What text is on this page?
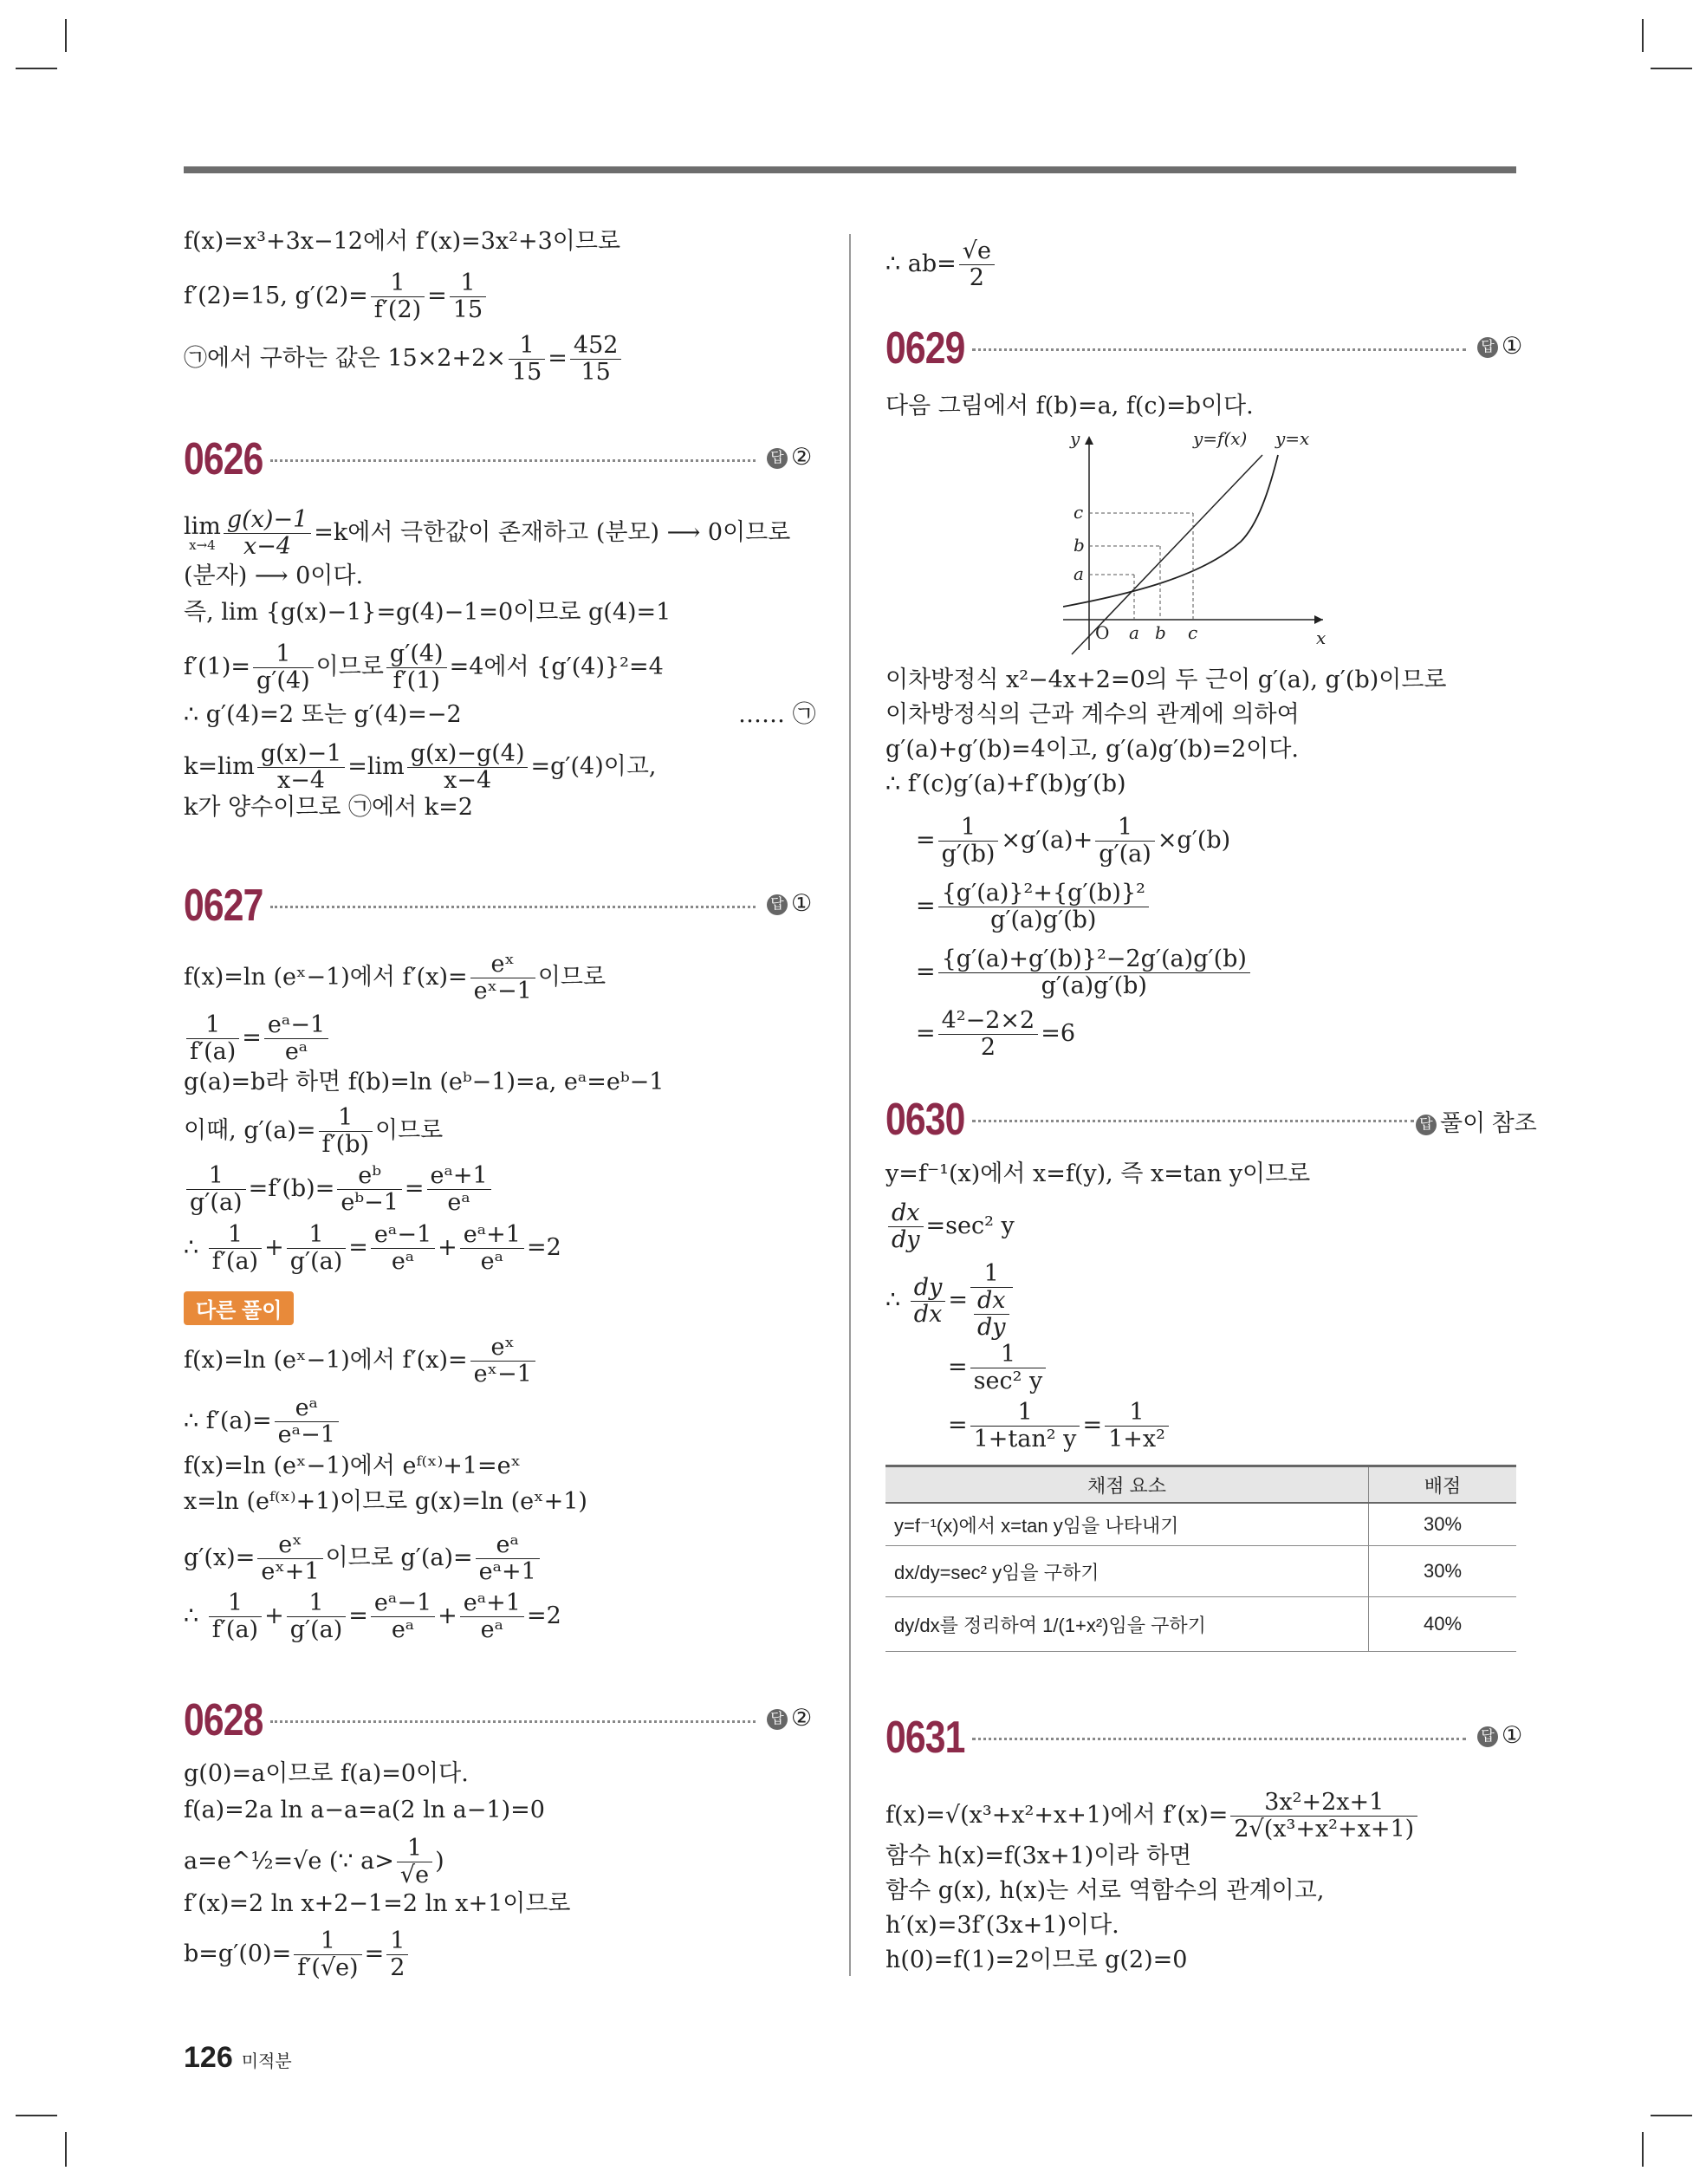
f(x)=x³+3x−12에서 f′(x)=3x²+3이므로
f′(2)=15, $g'(2)= \frac{1}{f'(2)} = \frac{1}{15}$
㉠에서 구하는 값은 $15\times 2+2\times \frac{1}{15} = \frac{452}{15}$
0626	답 ②
lim
$x\to 4 \frac{g(x)-1}{x-4} =k$에서 극한값이 존재하고 (분모) ⟶ 0이므로
(분자) ⟶ 0이다.
즉, lim {g(x)−1}=g(4)−1=0이므로 g(4)=1
$f'(1)= \frac{1}{g'(4)}$ 이므로 $\frac{g'(4)}{f'(1)} =4$에서 {g′(4)}²=4
∴ g′(4)=2 또는 g′(4)=−2	…… ㉠
$k=\lim \frac{g(x)-1}{x-4} =\lim \frac{g(x)-g(4)}{x-4} =g'(4)$이고,
k가 양수이므로 ㉠에서 k=2
0627	답 ①
f(x)=ln (eˣ−1)에서 $f'(x)= \frac{\text{eˣ}}{\text{eˣ−1}}$ 이므로
$\frac{1}{f'(a)} = \frac{\text{eᵃ−1}}{\text{eᵃ}}$
g(a)=b라 하면 f(b)=ln (eᵇ−1)=a, eᵃ=eᵇ−1
이때, $g'(a)= \frac{1}{f'(b)}$ 이므로
$\frac{1}{g'(a)} =f'(b)= \frac{\text{eᵇ}}{\text{eᵇ−1}} = \frac{\text{eᵃ+1}}{\text{eᵃ}}$
∴ $\frac{1}{f'(a)} + \frac{1}{g'(a)} = \frac{\text{eᵃ−1}}{\text{eᵃ}} + \frac{\text{eᵃ+1}}{\text{eᵃ}} =2$
다른 풀이
f(x)=ln (eˣ−1)에서 $f'(x)= \frac{\text{eˣ}}{\text{eˣ−1}}$
∴ $f'(a)= \frac{\text{eᵃ}}{\text{eᵃ−1}}$
f(x)=ln (eˣ−1)에서 eᶠ⁽ˣ⁾+1=eˣ
x=ln (eᶠ⁽ˣ⁾+1)이므로 g(x)=ln (eˣ+1)
$g'(x)= \frac{\text{eˣ}}{\text{eˣ+1}}$ 이므로 $g'(a)= \frac{\text{eᵃ}}{\text{eᵃ+1}}$
∴ $\frac{1}{f'(a)} + \frac{1}{g'(a)} = \frac{\text{eᵃ−1}}{\text{eᵃ}} + \frac{\text{eᵃ+1}}{\text{eᵃ}} =2$
0628	답 ②
g(0)=a이므로 f(a)=0이다.
f(a)=2a ln a−a=a(2 ln a−1)=0
a=e^½=√e (∵ $a> \frac{1}{√e}$ )
f′(x)=2 ln x+2−1=2 ln x+1이므로
$b=g'(0)= \frac{1}{f'(√e)} = \frac{1}{2}$
∴ $ab= \frac{√e}{2}$
0629	답 ①
다음 그림에서 f(b)=a, f(c)=b이다.
y
x
O a b c
a
b
c
y=f(x) y=x
이차방정식 x²−4x+2=0의 두 근이 g′(a), g′(b)이므로
이차방정식의 근과 계수의 관계에 의하여
g′(a)+g′(b)=4이고, g′(a)g′(b)=2이다.
∴ f′(c)g′(a)+f′(b)g′(b)
= $\frac{1}{g'(b)} \times g'(a)+ \frac{1}{g'(a)} \times g'(b)$
= $\frac{\text{\{g′(a)\}²+\{g′(b)\}²}}{g'(a)g'(b)}$
= $\frac{\text{\{g′(a)+g′(b)\}²−2g′(a)g′(b)}}{g'(a)g'(b)}$
= $\frac{\text{4²−2×2}}{2} =6$
0630	답 풀이 참조
y=f⁻¹(x)에서 x=f(y), 즉 x=tan y이므로
$\frac{dx}{dy} =\sec^2$ y
∴ $\frac{dy}{dx} = \frac{1}{\frac{dx}{dy}}$
= $\frac{1}{\text{sec² y}}$
= $\frac{1}{\text{1+tan² y}} = \frac{1}{\text{1+x²}}$
채점 요소	배점
y=f⁻¹(x)에서 x=tan y임을 나타내기	30%
dx/dy=sec² y임을 구하기	30%
dy/dx를 정리하여 1/(1+x²)임을 구하기	40%
0631	답 ①
f(x)=√(x³+x²+x+1)에서 $f'(x)= \frac{\text{3x²+2x+1}}{\text{2√(x³+x²+x+1)}}$
함수 h(x)=f(3x+1)이라 하면
함수 g(x), h(x)는 서로 역함수의 관계이고,
h′(x)=3f′(3x+1)이다.
h(0)=f(1)=2이므로 g(2)=0
126 미적분
